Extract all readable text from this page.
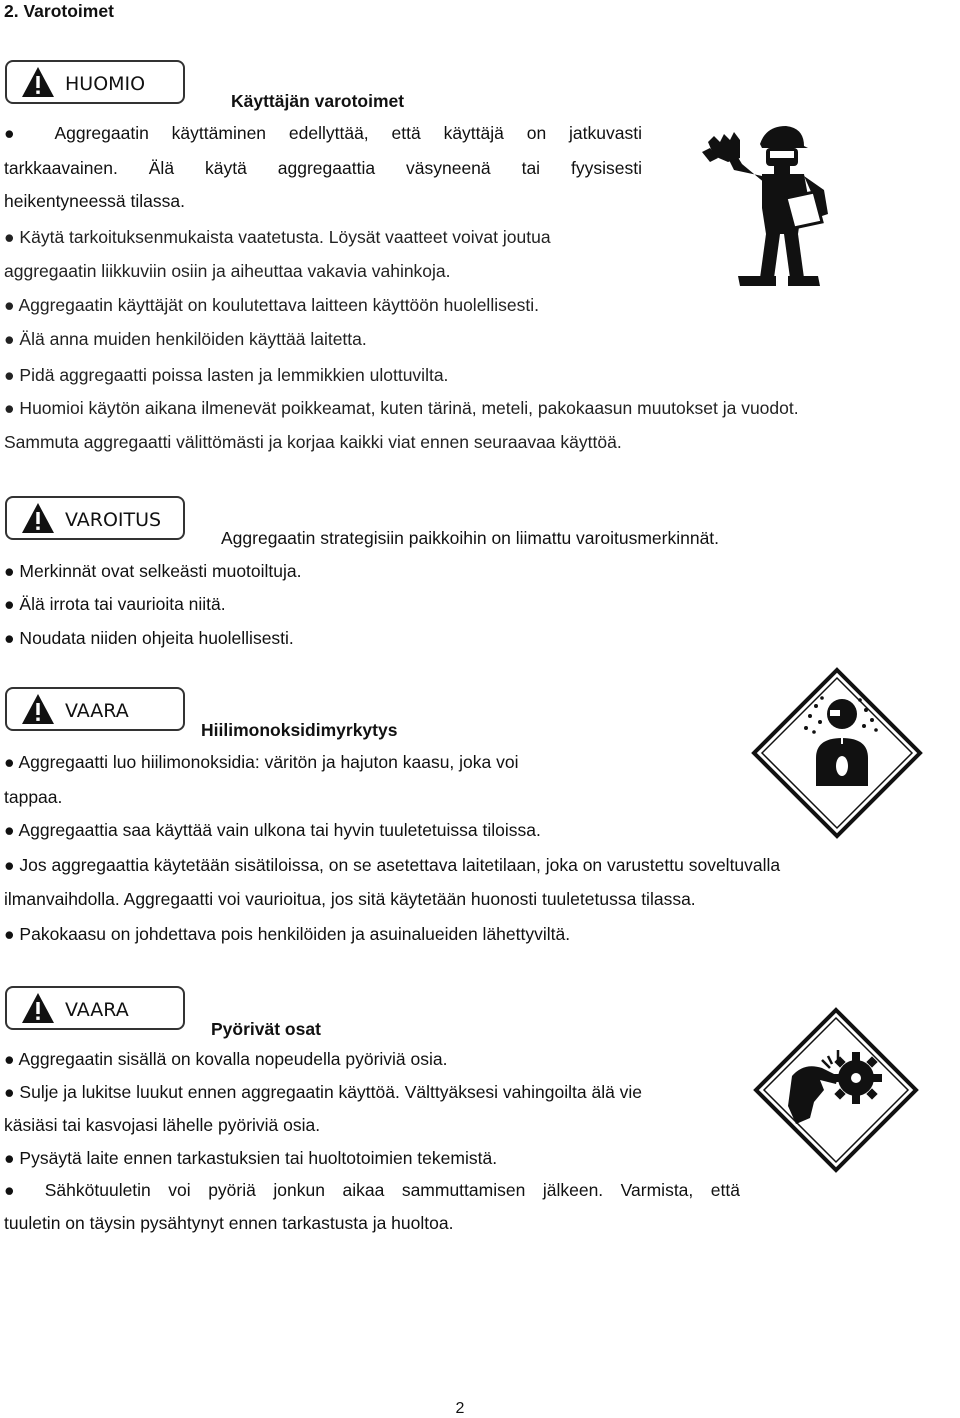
2. Varotoimet
HUOMIO
Käyttäjän varotoimet
● Aggregaatin käyttäminen edellyttää, että käyttäjä on jatkuvasti
tarkkaavainen. Älä käytä aggregaattia väsyneenä tai fyysisesti
heikentyneessä tilassa.
● Käytä tarkoituksenmukaista vaatetusta. Löysät vaatteet voivat joutua
aggregaatin liikkuviin osiin ja aiheuttaa vakavia vahinkoja.
● Aggregaatin käyttäjät on koulutettava laitteen käyttöön huolellisesti.
● Älä anna muiden henkilöiden käyttää laitetta.
● Pidä aggregaatti poissa lasten ja lemmikkien ulottuvilta.
● Huomioi käytön aikana ilmenevät poikkeamat, kuten tärinä, meteli, pakokaasun muutokset ja vuodot.
Sammuta aggregaatti välittömästi ja korjaa kaikki viat ennen seuraavaa käyttöä.
VAROITUS
Aggregaatin strategisiin paikkoihin on liimattu varoitusmerkinnät.
● Merkinnät ovat selkeästi muotoiltuja.
● Älä irrota tai vaurioita niitä.
● Noudata niiden ohjeita huolellisesti.
VAARA
Hiilimonoksidimyrkytys
● Aggregaatti luo hiilimonoksidia: väritön ja hajuton kaasu, joka voi
tappaa.
● Aggregaattia saa käyttää vain ulkona tai hyvin tuuletetuissa tiloissa.
● Jos aggregaattia käytetään sisätiloissa, on se asetettava laitetilaan, joka on varustettu soveltuvalla
ilmanvaihdolla. Aggregaatti voi vaurioitua, jos sitä käytetään huonosti tuuletetussa tilassa.
● Pakokaasu on johdettava pois henkilöiden ja asuinalueiden lähettyviltä.
VAARA
Pyörivät osat
● Aggregaatin sisällä on kovalla nopeudella pyöriviä osia.
● Sulje ja lukitse luukut ennen aggregaatin käyttöä. Välttyäksesi vahingoilta älä vie
käsiäsi tai kasvojasi lähelle pyöriviä osia.
● Pysäytä laite ennen tarkastuksien tai huoltotoimien tekemistä.
● Sähkötuuletin voi pyöriä jonkun aikaa sammuttamisen jälkeen. Varmista, että
tuuletin on täysin pysähtynyt ennen tarkastusta ja huoltoa.
2
